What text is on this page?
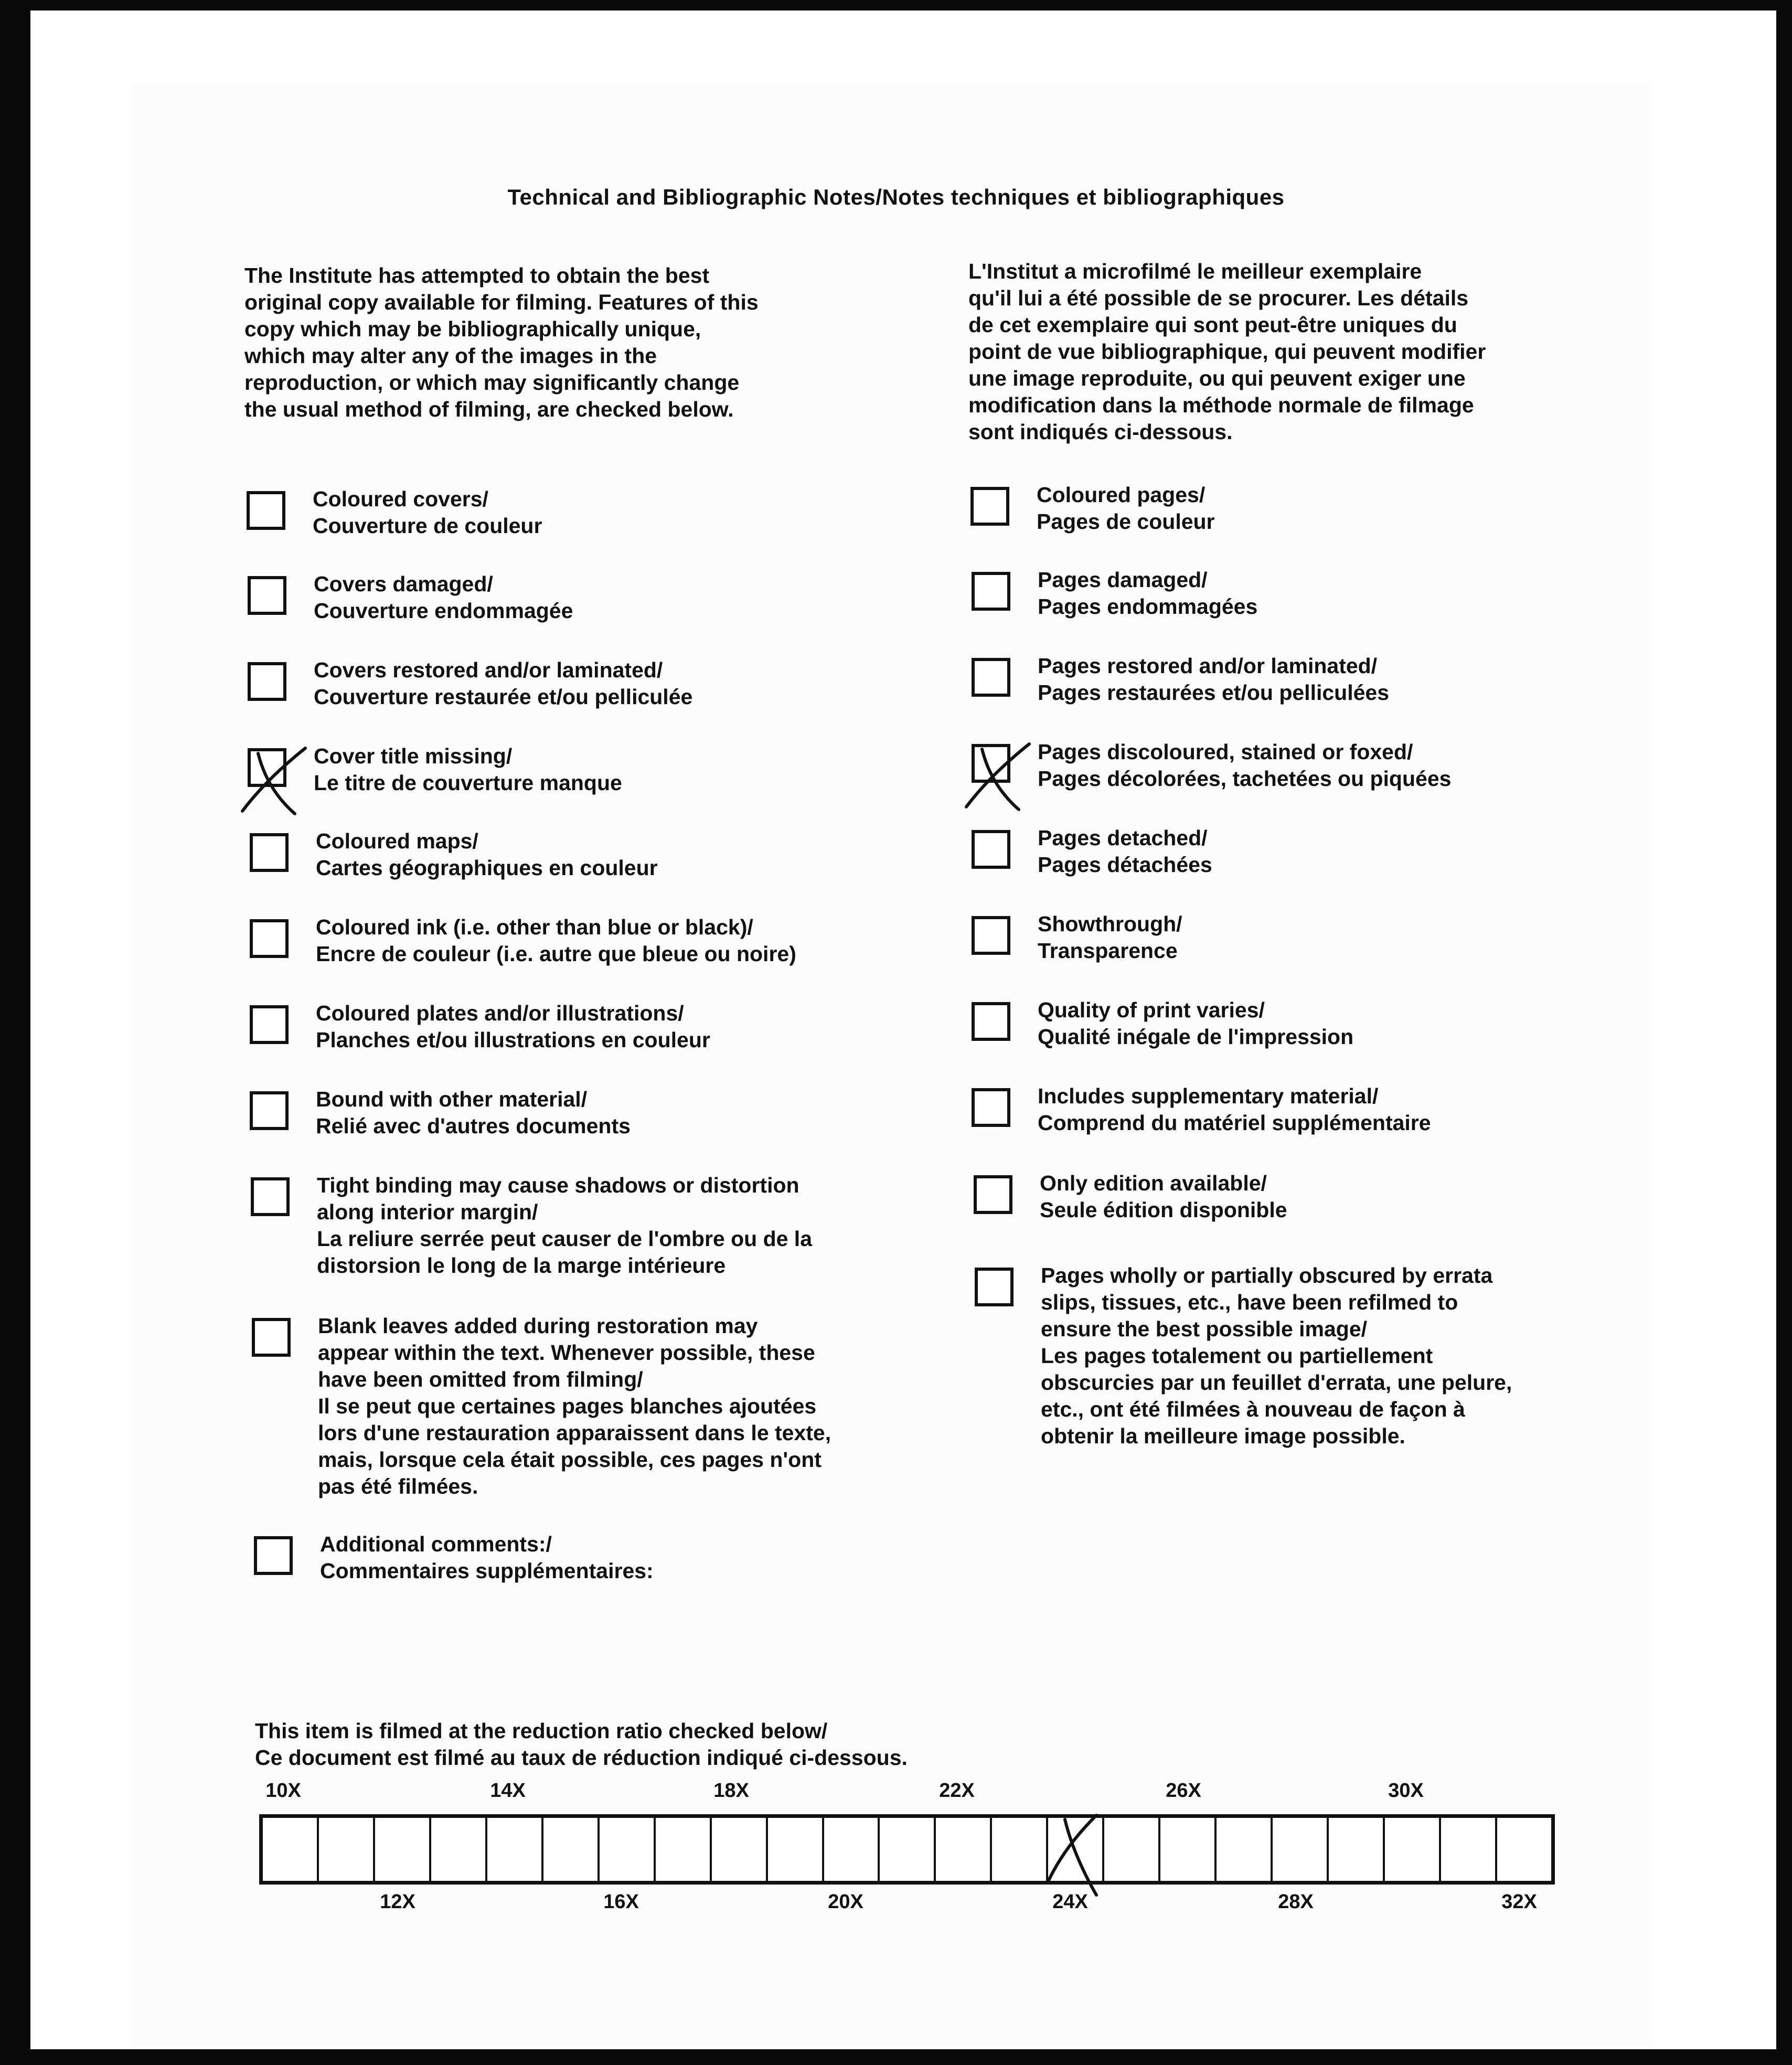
Technical and Bibliographic Notes/Notes techniques et bibliographiques
The Institute has attempted to obtain the best
original copy available for filming. Features of this
copy which may be bibliographically unique,
which may alter any of the images in the
reproduction, or which may significantly change
the usual method of filming, are checked below.
L'Institut a microfilmé le meilleur exemplaire
qu'il lui a été possible de se procurer. Les détails
de cet exemplaire qui sont peut-être uniques du
point de vue bibliographique, qui peuvent modifier
une image reproduite, ou qui peuvent exiger une
modification dans la méthode normale de filmage
sont indiqués ci-dessous.
Coloured covers/
Couverture de couleur
Covers damaged/
Couverture endommagée
Covers restored and/or laminated/
Couverture restaurée et/ou pelliculée
Cover title missing/
Le titre de couverture manque
Coloured maps/
Cartes géographiques en couleur
Coloured ink (i.e. other than blue or black)/
Encre de couleur (i.e. autre que bleue ou noire)
Coloured plates and/or illustrations/
Planches et/ou illustrations en couleur
Bound with other material/
Relié avec d'autres documents
Tight binding may cause shadows or distortion
along interior margin/
La reliure serrée peut causer de l'ombre ou de la
distorsion le long de la marge intérieure
Blank leaves added during restoration may
appear within the text. Whenever possible, these
have been omitted from filming/
Il se peut que certaines pages blanches ajoutées
lors d'une restauration apparaissent dans le texte,
mais, lorsque cela était possible, ces pages n'ont
pas été filmées.
Additional comments:/
Commentaires supplémentaires:
Coloured pages/
Pages de couleur
Pages damaged/
Pages endommagées
Pages restored and/or laminated/
Pages restaurées et/ou pelliculées
Pages discoloured, stained or foxed/
Pages décolorées, tachetées ou piquées
Pages detached/
Pages détachées
Showthrough/
Transparence
Quality of print varies/
Qualité inégale de l'impression
Includes supplementary material/
Comprend du matériel supplémentaire
Only edition available/
Seule édition disponible
Pages wholly or partially obscured by errata
slips, tissues, etc., have been refilmed to
ensure the best possible image/
Les pages totalement ou partiellement
obscurcies par un feuillet d'errata, une pelure,
etc., ont été filmées à nouveau de façon à
obtenir la meilleure image possible.
This item is filmed at the reduction ratio checked below/
Ce document est filmé au taux de réduction indiqué ci-dessous.
10X	14X	18X	22X	26X	30X
12X	16X	20X	24X	28X	32X
